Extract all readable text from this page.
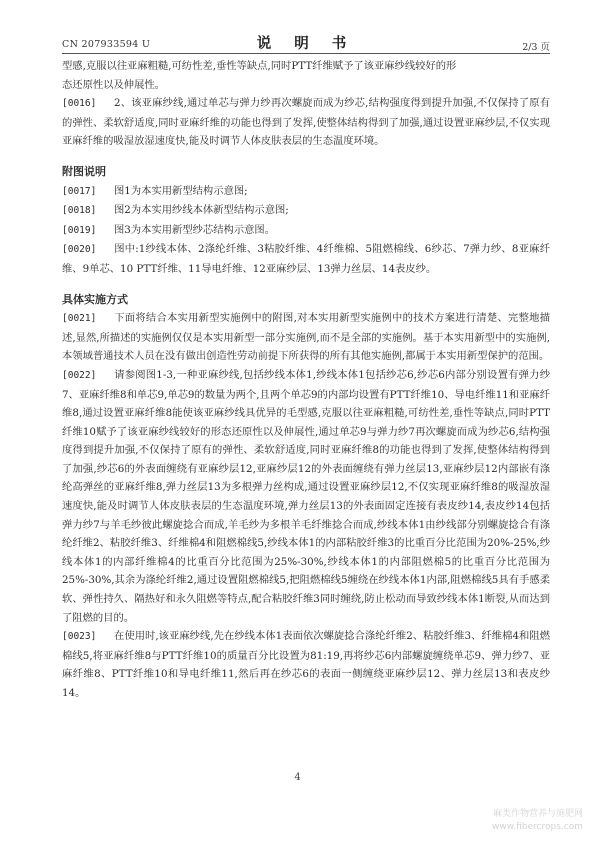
CN 207933594 U	说 明 书	2/3 页

型感,克服以往亚麻粗糙,可纺性差,垂性等缺点,同时PTT纤维赋予了该亚麻纱线较好的形

态还原性以及伸展性。

[0016] 2、该亚麻纱线,通过单芯与弹力纱再次螺旋而成为纱芯,结构强度得到提升加强,不仅保持了原有的弹性、柔软舒适度,同时亚麻纤维的功能也得到了发挥,使整体结构得到了加强,通过设置亚麻纱层,不仅实现亚麻纤维的吸湿放湿速度快,能及时调节人体皮肤表层的生态温度环境。

附图说明

[0017] 图1为本实用新型结构示意图;

[0018] 图2为本实用纱线本体新型结构示意图;

[0019] 图3为本实用新型纱芯结构示意图。

[0020] 图中:1纱线本体、2涤纶纤维、3粘胶纤维、4纤维棉、5阻燃棉线、6纱芯、7弹力纱、8亚麻纤维、9单芯、10 PTT纤维、11导电纤维、12亚麻纱层、13弹力丝层、14表皮纱。

具体实施方式

[0021] 下面将结合本实用新型实施例中的附图,对本实用新型实施例中的技术方案进行清楚、完整地描述,显然,所描述的实施例仅仅是本实用新型一部分实施例,而不是全部的实施例。基于本实用新型中的实施例,本领域普通技术人员在没有做出创造性劳动前提下所获得的所有其他实施例,都属于本实用新型保护的范围。

[0022] 请参阅图1-3,一种亚麻纱线,包括纱线本体1,纱线本体1包括纱芯6,纱芯6内部分别设置有弹力纱7、亚麻纤维8和单芯9,单芯9的数量为两个,且两个单芯9的内部均设置有PTT纤维10、导电纤维11和亚麻纤维8,通过设置亚麻纤维8能使该亚麻纱线具优异的毛型感,克服以往亚麻粗糙,可纺性差,垂性等缺点,同时PTT纤维10赋予了该亚麻纱线较好的形态还原性以及伸展性,通过单芯9与弹力纱7再次螺旋而成为纱芯6,结构强度得到提升加强,不仅保持了原有的弹性、柔软舒适度,同时亚麻纤维8的功能也得到了发挥,使整体结构得到了加强,纱芯6的外表面缠绕有亚麻纱层12,亚麻纱层12的外表面缠绕有弹力丝层13,亚麻纱层12内部嵌有涤纶高弹丝的亚麻纤维8,弹力丝层13为多根弹力丝构成,通过设置亚麻纱层12,不仅实现亚麻纤维8的吸湿放湿速度快,能及时调节人体皮肤表层的生态温度环境,弹力丝层13的外表面固定连接有表皮纱14,表皮纱14包括弹力纱7与羊毛纱彼此螺旋捻合而成,羊毛纱为多根羊毛纤维捻合而成,纱线本体1由纱线部分别螺旋捻合有涤纶纤维2、粘胶纤维3、纤维棉4和阻燃棉线5,纱线本体1的内部粘胶纤维3的比重百分比范围为20%-25%,纱线本体1的内部纤维棉4的比重百分比范围为25%-30%,纱线本体1的内部阻燃棉5的比重百分比范围为25%-30%,其余为涤纶纤维2,通过设置阻燃棉线5,把阻燃棉线5缠绕在纱线本体1内部,阻燃棉线5具有手感柔软、弹性持久、隔热好和永久阻燃等特点,配合粘胶纤维3同时缠绕,防止松动而导致纱线本体1断裂,从而达到了阻燃的目的。

[0023] 在使用时,该亚麻纱线,先在纱线本体1表面依次螺旋捻合涤纶纤维2、粘胶纤维3、纤维棉4和阻燃棉线5,将亚麻纤维8与PTT纤维10的质量百分比设置为81:19,再将纱芯6内部螺旋缠绕单芯9、弹力纱7、亚麻纤维8、PTT纤维10和导电纤维11,然后再在纱芯6的表面一侧缠绕亚麻纱层12、弹力丝层13和表皮纱14。

4
麻类作物营养与施肥网
www.fibercrops.com
